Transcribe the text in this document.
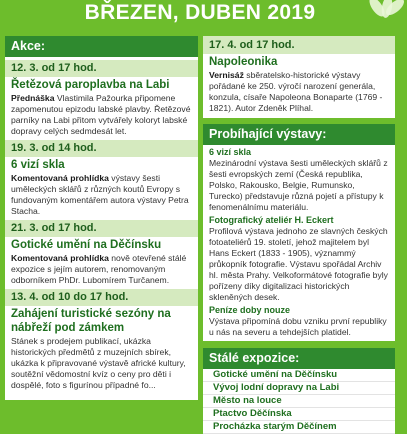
BŘEZEN, DUBEN 2019
Akce:
12. 3. od 17 hod.
Řetězová paroplavba na Labi
Přednáška Vlastimila Pažourka připomene zapomenutou epizodu labské plavby. Řetězové parníky na Labi přitom vytvářely koloryt labské dopravy celých sedmdesát let.
19. 3. od 14 hod.
6 vizí skla
Komentovaná prohlídka výstavy šesti uměleckých sklářů z různých koutů Evropy s fundovaným komentářem autora výstavy Petra Stacha.
21. 3. od 17 hod.
Gotické umění na Děčínsku
Komentovaná prohlídka nově otevřené stálé expozice s jejím autorem, renomovaným odborníkem PhDr. Lubomírem Turčanem.
13. 4. od 10 do 17 hod.
Zahájení turistické sezóny na nábřeží pod zámkem
Stánek s prodejem publikací, ukázka historických předmětů z muzejních sbírek, ukázka k připravované výstavě africké kultury, soutěžní vědomostní kvíz o ceny pro děti i dospělé, foto s figurínou případné fo...
17. 4. od 17 hod.
Napoleonika
Vernisáž sběratelsko-historické výstavy pořádané ke 250. výročí narození generála, konzula, císaře Napoleona Bonaparte (1769 - 1821). Autor Zdeněk Plíhal.
Probíhající výstavy:
6 vizí skla
Mezinárodní výstava šesti uměleckých sklářů z šesti evropských zemí (Česká republika, Polsko, Rakousko, Belgie, Rumunsko, Turecko) představuje různá pojetí a přístupy k fenomenálnímu materiálu.
Fotografický ateliér H. Eckert
Profilová výstava jednoho ze slavných českých fotoateliérů 19. století, jehož majitelem byl Hans Eckert (1833 - 1905), význammý průkopník fotografie. Výstavu spořádal Archiv hl. města Prahy. Velkoformátové fotografie byly pořízeny díky digitalizaci historických skleněných desek.
Peníze doby nouze
Výstava připomíná dobu vzniku první republiky u nás na severu a tehdejších platidel.
Stálé expozice:
Gotické umění na Děčínsku
Vývoj lodní dopravy na Labi
Město na louce
Ptactvo Děčínska
Procházka starým Děčínem
